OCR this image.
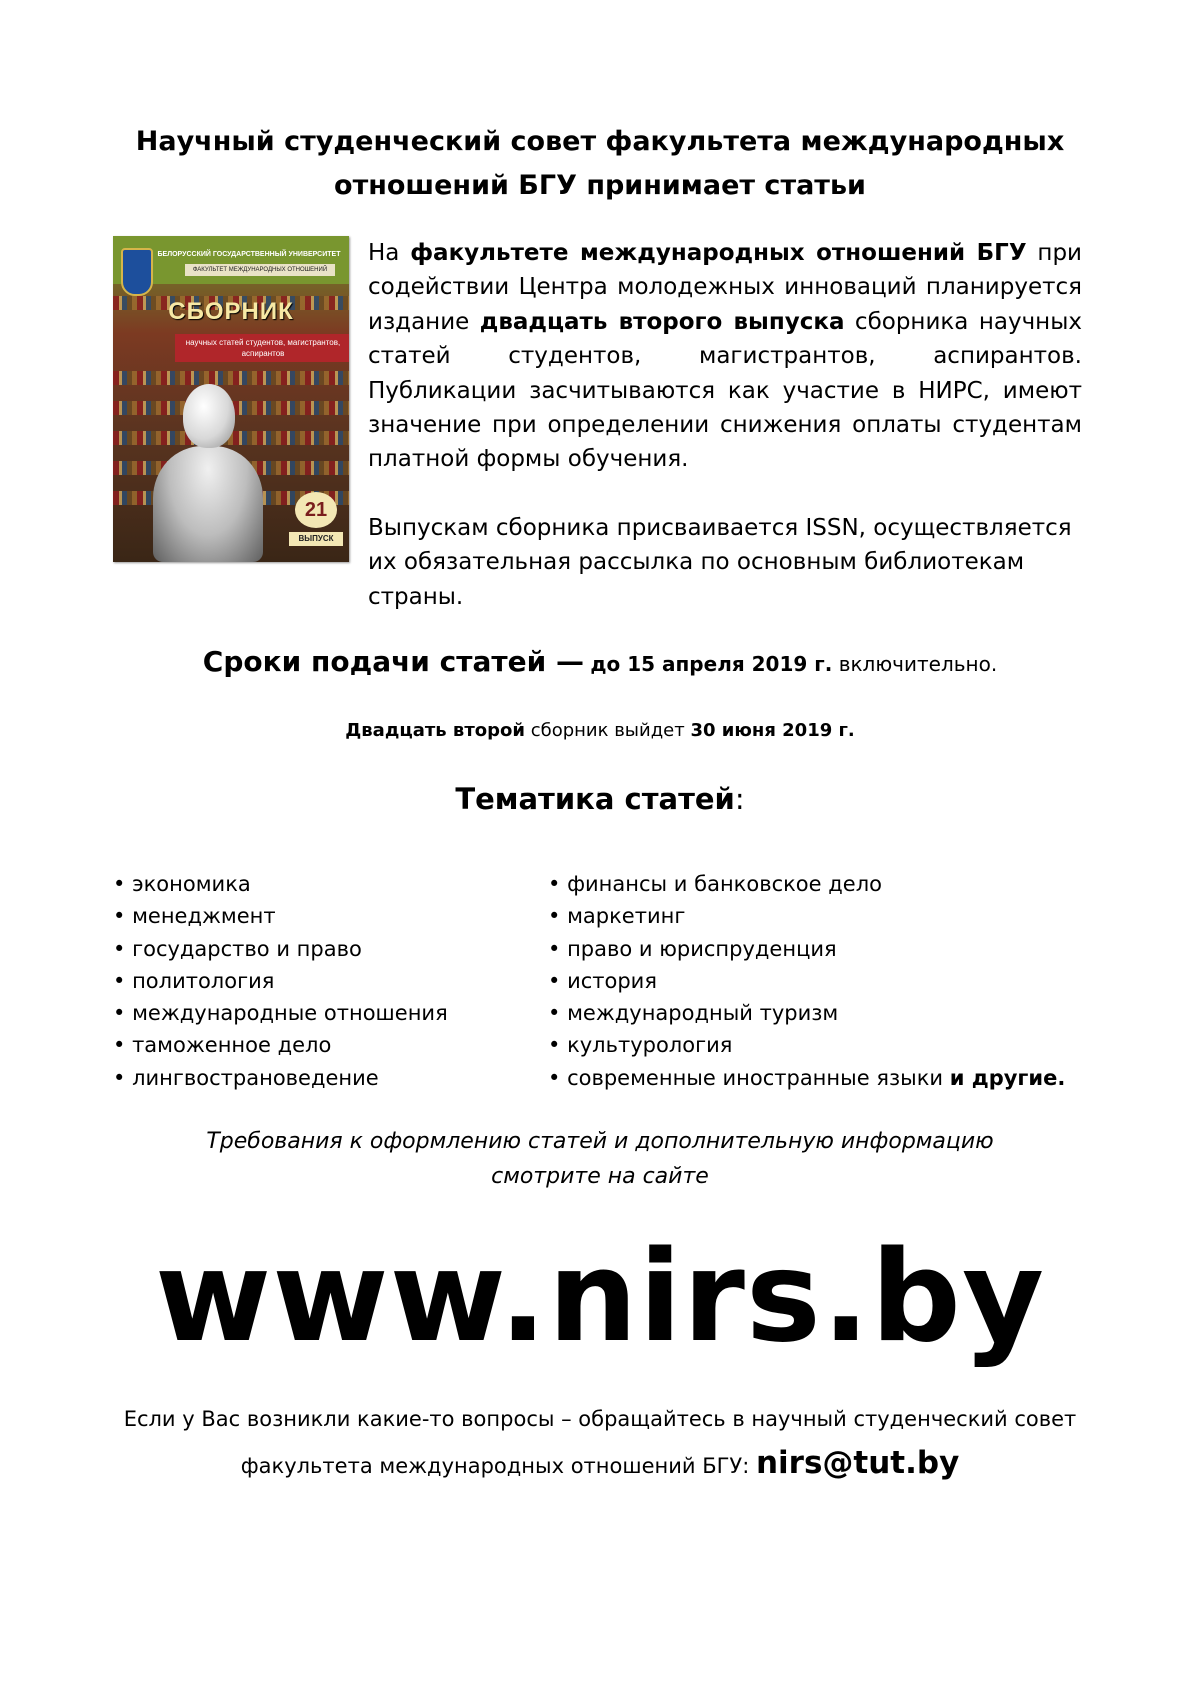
Научный студенческий совет факультета международных
отношений БГУ принимает статьи
БЕЛОРУССКИЙ ГОСУДАРСТВЕННЫЙ УНИВЕРСИТЕТ
ФАКУЛЬТЕТ МЕЖДУНАРОДНЫХ ОТНОШЕНИЙ
СБОРНИК
научных статей студентов, магистрантов, аспирантов
21
ВЫПУСК

На факультете международных отношений БГУ при содействии Центра молодежных инноваций планируется издание двадцать второго выпуска сборника научных статей студентов, магистрантов, аспирантов. Публикации засчитываются как участие в НИРС, имеют значение при определении снижения оплаты студентам платной формы обучения.

Выпускам сборника присваивается ISSN, осуществляется их обязательная рассылка по основным библиотекам страны.

Сроки подачи статей — до 15 апреля 2019 г. включительно.
Двадцать второй сборник выйдет 30 июня 2019 г.
Тематика статей:
• экономика
• менеджмент
• государство и право
• политология
• международные отношения
• таможенное дело
• лингвострановедение
• финансы и банковское дело
• маркетинг
• право и юриспруденция
• история
• международный туризм
• культурология
• современные иностранные языки и другие.
Требования к оформлению статей и дополнительную информацию
смотрите на сайте
www.nirs.by
Если у Вас возникли какие-то вопросы – обращайтесь в научный студенческий совет
факультета международных отношений БГУ: nirs@tut.by
